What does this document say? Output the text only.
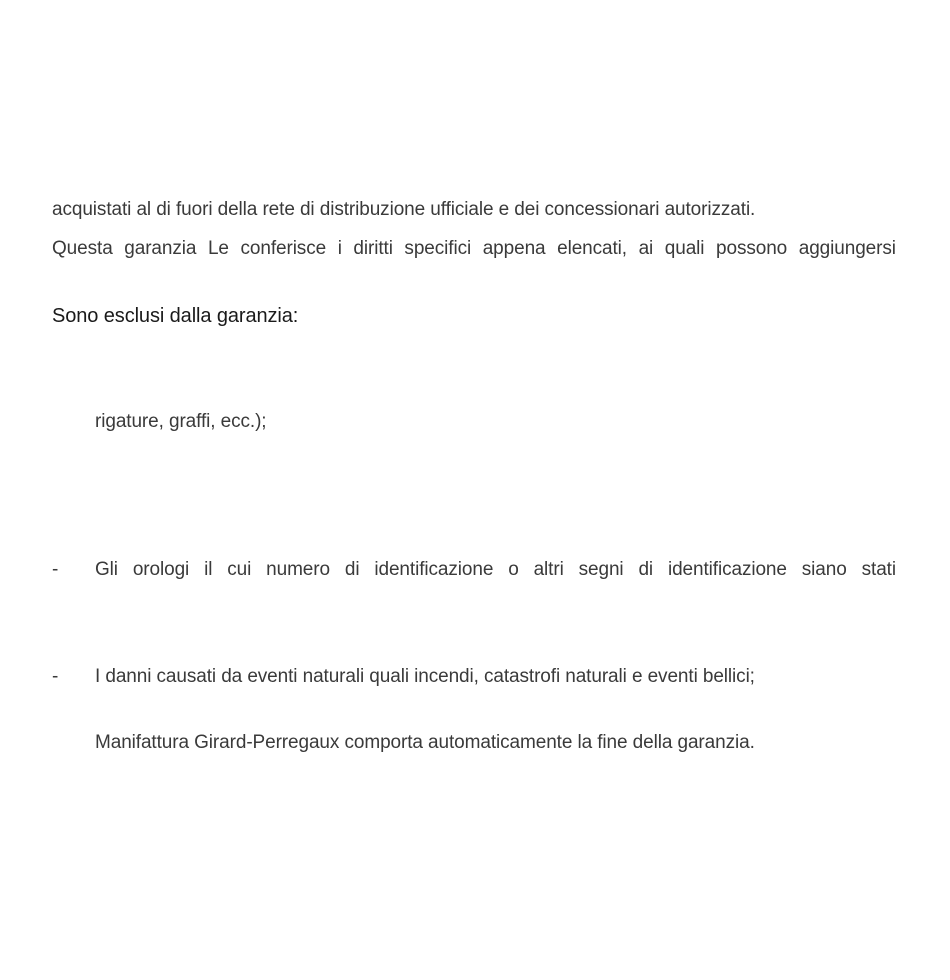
acquistati al di fuori della rete di distribuzione ufficiale e dei concessionari autorizzati.
Questa garanzia Le conferisce i diritti specifici appena elencati, ai quali possono aggiungersi
Sono esclusi dalla garanzia:
rigature, graffi, ecc.);
- Gli orologi il cui numero di identificazione o altri segni di identificazione siano stati
- I danni causati da eventi naturali quali incendi, catastrofi naturali e eventi bellici;
Manifattura Girard-Perregaux comporta automaticamente la fine della garanzia.
